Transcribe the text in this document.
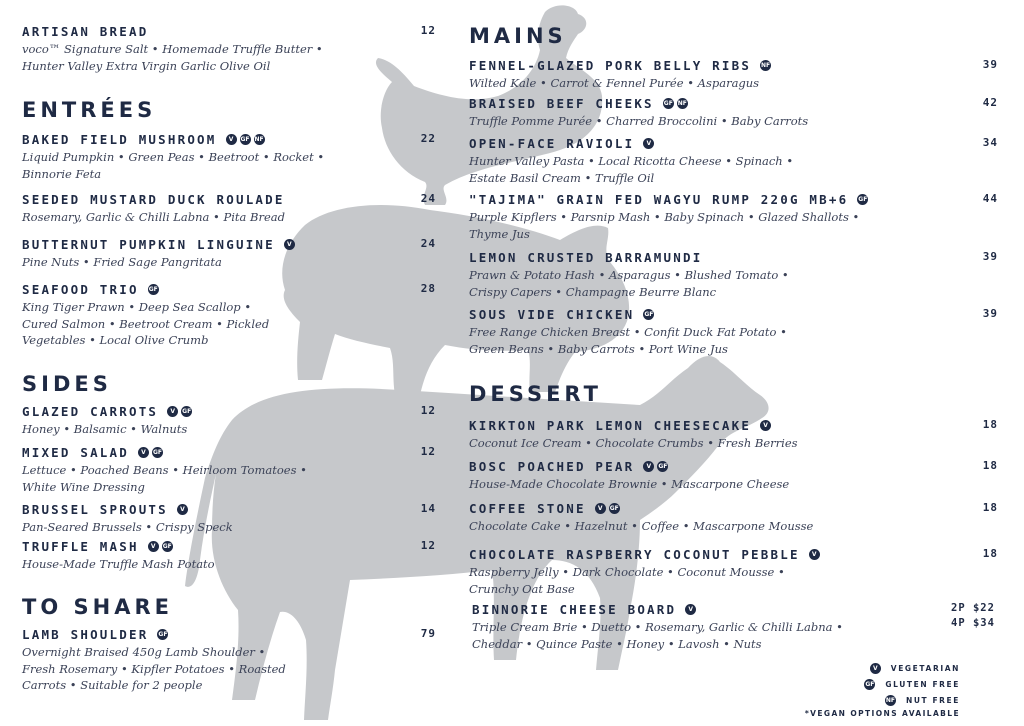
ARTISAN BREAD
voco™ Signature Salt • Homemade Truffle Butter • Hunter Valley Extra Virgin Garlic Olive Oil
12
ENTRÉES
BAKED FIELD MUSHROOM	V	GF NF
Liquid Pumpkin • Green Peas • Beetroot • Rocket • Binnorie Feta
22
SEEDED MUSTARD DUCK ROULADE
Rosemary, Garlic & Chilli Labna • Pita Bread
24
BUTTERNUT PUMPKIN LINGUINE	V
Pine Nuts • Fried Sage Pangritata
24
SEAFOOD TRIO GF
King Tiger Prawn • Deep Sea Scallop • Cured Salmon • Beetroot Cream • Pickled Vegetables • Local Olive Crumb
28
SIDES
GLAZED CARROTS	V	GF
Honey • Balsamic • Walnuts
12
MIXED SALAD	V	GF
Lettuce • Poached Beans • Heirloom Tomatoes • White Wine Dressing
12
BRUSSEL SPROUTS	V
Pan-Seared Brussels • Crispy Speck
14
TRUFFLE MASH	V	GF
House-Made Truffle Mash Potato
12
TO SHARE
LAMB SHOULDER GF
Overnight Braised 450g Lamb Shoulder • Fresh Rosemary • Kipfler Potatoes • Roasted Carrots • Suitable for 2 people
79
MAINS
FENNEL-GLAZED PORK BELLY RIBS NF
Wilted Kale • Carrot & Fennel Purée • Asparagus
39
BRAISED BEEF CHEEKS GF NF
Truffle Pomme Purée • Charred Broccolini • Baby Carrots
42
OPEN-FACE RAVIOLI	V
Hunter Valley Pasta • Local Ricotta Cheese • Spinach • Estate Basil Cream • Truffle Oil
34
"TAJIMA" GRAIN FED WAGYU RUMP 220G MB+6 GF
Purple Kipflers • Parsnip Mash • Baby Spinach • Glazed Shallots • Thyme Jus
44
LEMON CRUSTED BARRAMUNDI
Prawn & Potato Hash • Asparagus • Blushed Tomato • Crispy Capers • Champagne Beurre Blanc
39
SOUS VIDE CHICKEN GF
Free Range Chicken Breast • Confit Duck Fat Potato • Green Beans • Baby Carrots • Port Wine Jus
39
DESSERT
KIRKTON PARK LEMON CHEESECAKE	V
Coconut Ice Cream • Chocolate Crumbs • Fresh Berries
18
BOSC POACHED PEAR	V	GF
House-Made Chocolate Brownie • Mascarpone Cheese
18
COFFEE STONE	V	GF
Chocolate Cake • Hazelnut • Coffee • Mascarpone Mousse
18
CHOCOLATE RASPBERRY COCONUT PEBBLE	V
Raspberry Jelly • Dark Chocolate • Coconut Mousse • Crunchy Oat Base
18
BINNORIE CHEESE BOARD	V
Triple Cream Brie • Duetto • Rosemary, Garlic & Chilli Labna • Cheddar • Quince Paste • Honey • Lavosh • Nuts
2P $22
4P $34
V	VEGETARIAN
GF GLUTEN FREE
NF NUT FREE
*VEGAN OPTIONS AVAILABLE
